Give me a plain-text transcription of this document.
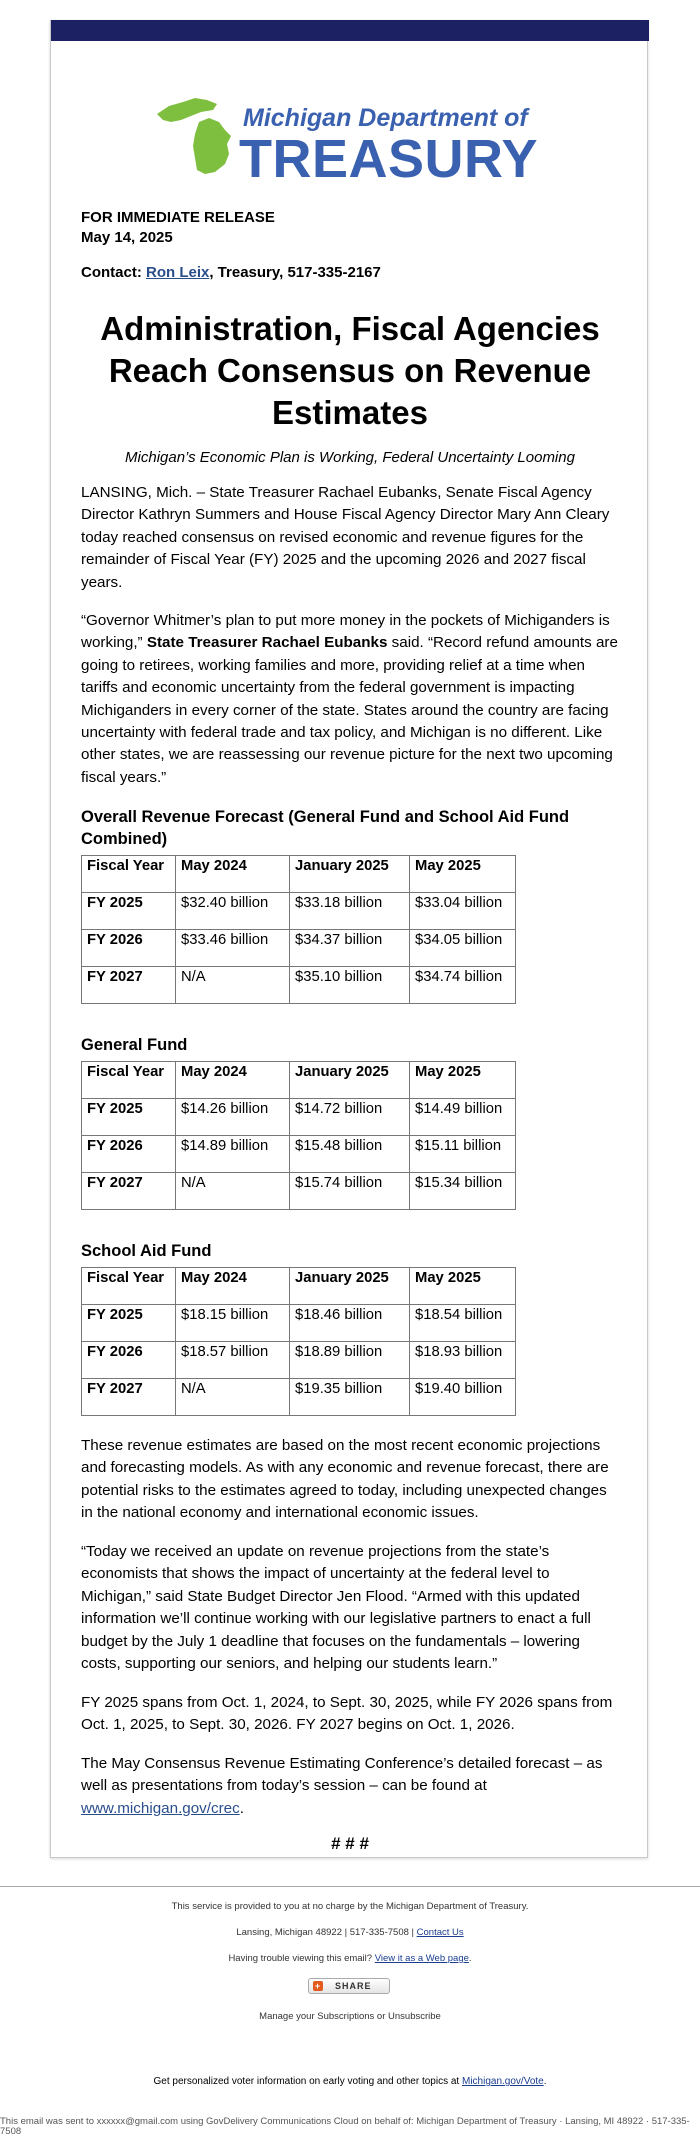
Michigan Department of
TREASURY
FOR IMMEDIATE RELEASE
May 14, 2025
Contact: Ron Leix, Treasury, 517-335-2167
Administration, Fiscal Agencies Reach Consensus on Revenue Estimates
Michigan’s Economic Plan is Working, Federal Uncertainty Looming

LANSING, Mich. – State Treasurer Rachael Eubanks, Senate Fiscal Agency Director Kathryn Summers and House Fiscal Agency Director Mary Ann Cleary today reached consensus on revised economic and revenue figures for the remainder of Fiscal Year (FY) 2025 and the upcoming 2026 and 2027 fiscal years.

“Governor Whitmer’s plan to put more money in the pockets of Michiganders is working,” State Treasurer Rachael Eubanks said. “Record refund amounts are going to retirees, working families and more, providing relief at a time when tariffs and economic uncertainty from the federal government is impacting Michiganders in every corner of the state. States around the country are facing uncertainty with federal trade and tax policy, and Michigan is no different. Like other states, we are reassessing our revenue picture for the next two upcoming fiscal years.”

Overall Revenue Forecast (General Fund and School Aid Fund Combined)
Fiscal Year	May 2024	January 2025	May 2025
FY 2025	$32.40 billion	$33.18 billion	$33.04 billion
FY 2026	$33.46 billion	$34.37 billion	$34.05 billion
FY 2027	N/A	$35.10 billion	$34.74 billion
General Fund
Fiscal Year	May 2024	January 2025	May 2025
FY 2025	$14.26 billion	$14.72 billion	$14.49 billion
FY 2026	$14.89 billion	$15.48 billion	$15.11 billion
FY 2027	N/A	$15.74 billion	$15.34 billion
School Aid Fund
Fiscal Year	May 2024	January 2025	May 2025
FY 2025	$18.15 billion	$18.46 billion	$18.54 billion
FY 2026	$18.57 billion	$18.89 billion	$18.93 billion
FY 2027	N/A	$19.35 billion	$19.40 billion

These revenue estimates are based on the most recent economic projections and forecasting models. As with any economic and revenue forecast, there are potential risks to the estimates agreed to today, including unexpected changes in the national economy and international economic issues.

“Today we received an update on revenue projections from the state’s economists that shows the impact of uncertainty at the federal level to Michigan,” said State Budget Director Jen Flood. “Armed with this updated information we’ll continue working with our legislative partners to enact a full budget by the July 1 deadline that focuses on the fundamentals – lowering costs, supporting our seniors, and helping our students learn.”

FY 2025 spans from Oct. 1, 2024, to Sept. 30, 2025, while FY 2026 spans from Oct. 1, 2025, to Sept. 30, 2026. FY 2027 begins on Oct. 1, 2026.

The May Consensus Revenue Estimating Conference’s detailed forecast – as well as presentations from today’s session – can be found at www.michigan.gov/crec.

# # #
This service is provided to you at no charge by the Michigan Department of Treasury.
Lansing, Michigan 48922 | 517-335-7508 | Contact Us
Having trouble viewing this email? View it as a Web page.
+ SHARE
Manage your Subscriptions or Unsubscribe
Get personalized voter information on early voting and other topics at Michigan.gov/Vote.
This email was sent to xxxxxx@gmail.com using GovDelivery Communications Cloud on behalf of: Michigan Department of Treasury · Lansing, MI 48922 · 517-335-7508
